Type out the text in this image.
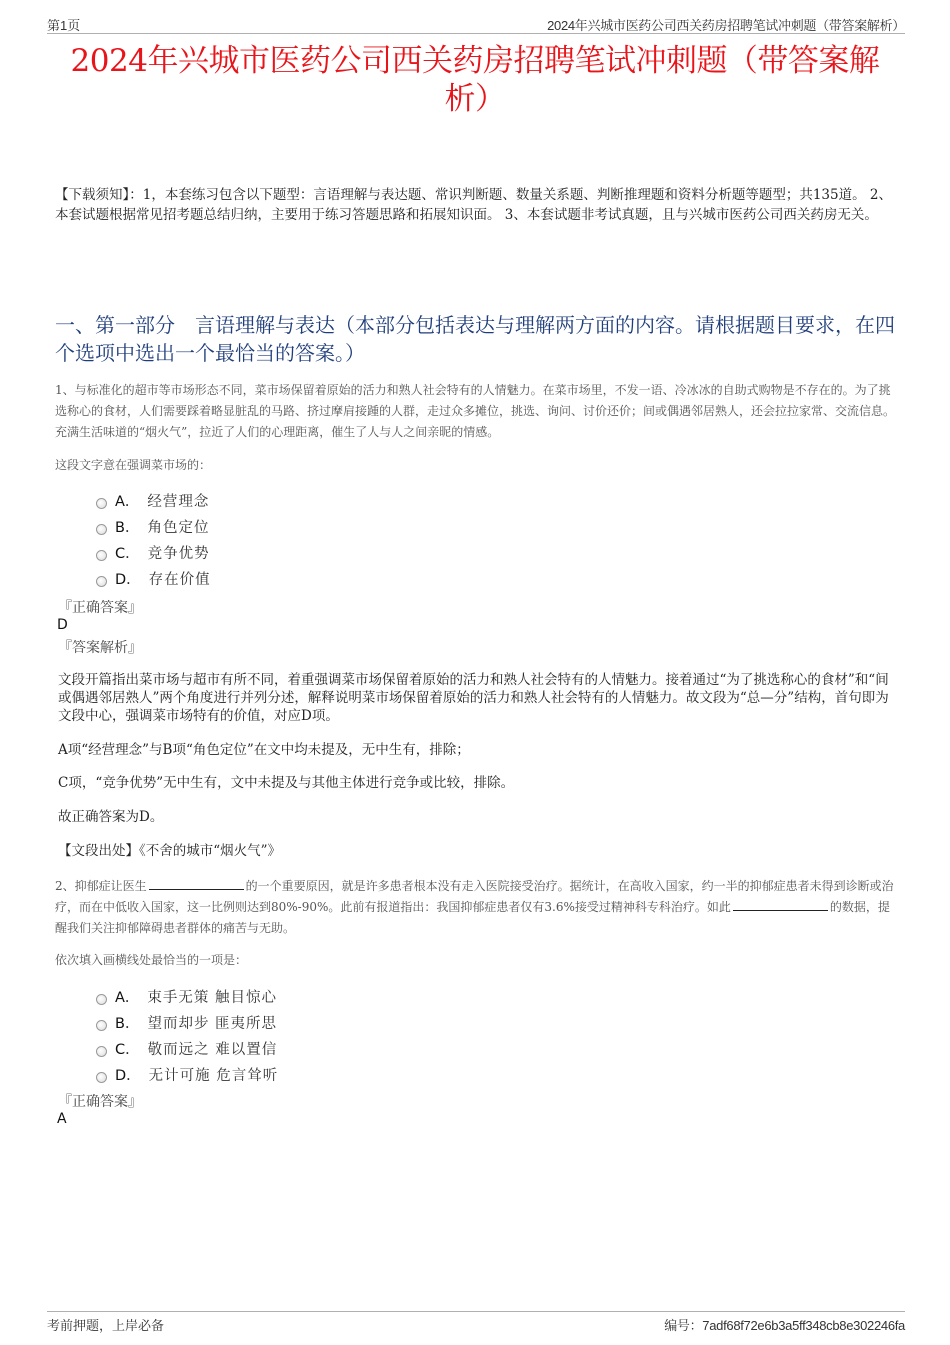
第1页	2024年兴城市医药公司西关药房招聘笔试冲刺题（带答案解析）
2024年兴城市医药公司西关药房招聘笔试冲刺题（带答案解析）

【下载须知】：1，本套练习包含以下题型：言语理解与表达题、常识判断题、数量关系题、判断推理题和资料分析题等题型；共135道。 2、本套试题根据常见招考题总结归纳，主要用于练习答题思路和拓展知识面。 3、本套试题非考试真题，且与兴城市医药公司西关药房无关。

一、第一部分　言语理解与表达（本部分包括表达与理解两方面的内容。请根据题目要求，在四个选项中选出一个最恰当的答案。）

1、与标准化的超市等市场形态不同，菜市场保留着原始的活力和熟人社会特有的人情魅力。在菜市场里，不发一语、冷冰冰的自助式购物是不存在的。为了挑选称心的食材，人们需要踩着略显脏乱的马路、挤过摩肩接踵的人群，走过众多摊位，挑选、询问、讨价还价；间或偶遇邻居熟人，还会拉拉家常、交流信息。充满生活味道的“烟火气”，拉近了人们的心理距离，催生了人与人之间亲昵的情感。

这段文字意在强调菜市场的：
A． 经营理念
B． 角色定位
C． 竞争优势
D． 存在价值
『正确答案』
D
『答案解析』

文段开篇指出菜市场与超市有所不同，着重强调菜市场保留着原始的活力和熟人社会特有的人情魅力。接着通过“为了挑选称心的食材”和“间或偶遇邻居熟人”两个角度进行并列分述，解释说明菜市场保留着原始的活力和熟人社会特有的人情魅力。故文段为“总—分”结构，首句即为文段中心，强调菜市场特有的价值，对应D项。

A项“经营理念”与B项“角色定位”在文中均未提及，无中生有，排除；

C项，“竞争优势”无中生有，文中未提及与其他主体进行竞争或比较，排除。

故正确答案为D。

【文段出处】《不舍的城市“烟火气”》

2、抑郁症让医生	的一个重要原因，就是许多患者根本没有走入医院接受治疗。据统计，在高收入国家，约一半的抑郁症患者未得到诊断或治疗，而在中低收入国家，这一比例则达到80%-90%。此前有报道指出：我国抑郁症患者仅有3.6%接受过精神科专科治疗。如此	的数据，提醒我们关注抑郁障碍患者群体的痛苦与无助。

依次填入画横线处最恰当的一项是：
A． 束手无策 触目惊心
B． 望而却步 匪夷所思
C． 敬而远之 难以置信
D． 无计可施 危言耸听
『正确答案』
A
考前押题，上岸必备	编号：7adf68f72e6b3a5ff348cb8e302246fa
